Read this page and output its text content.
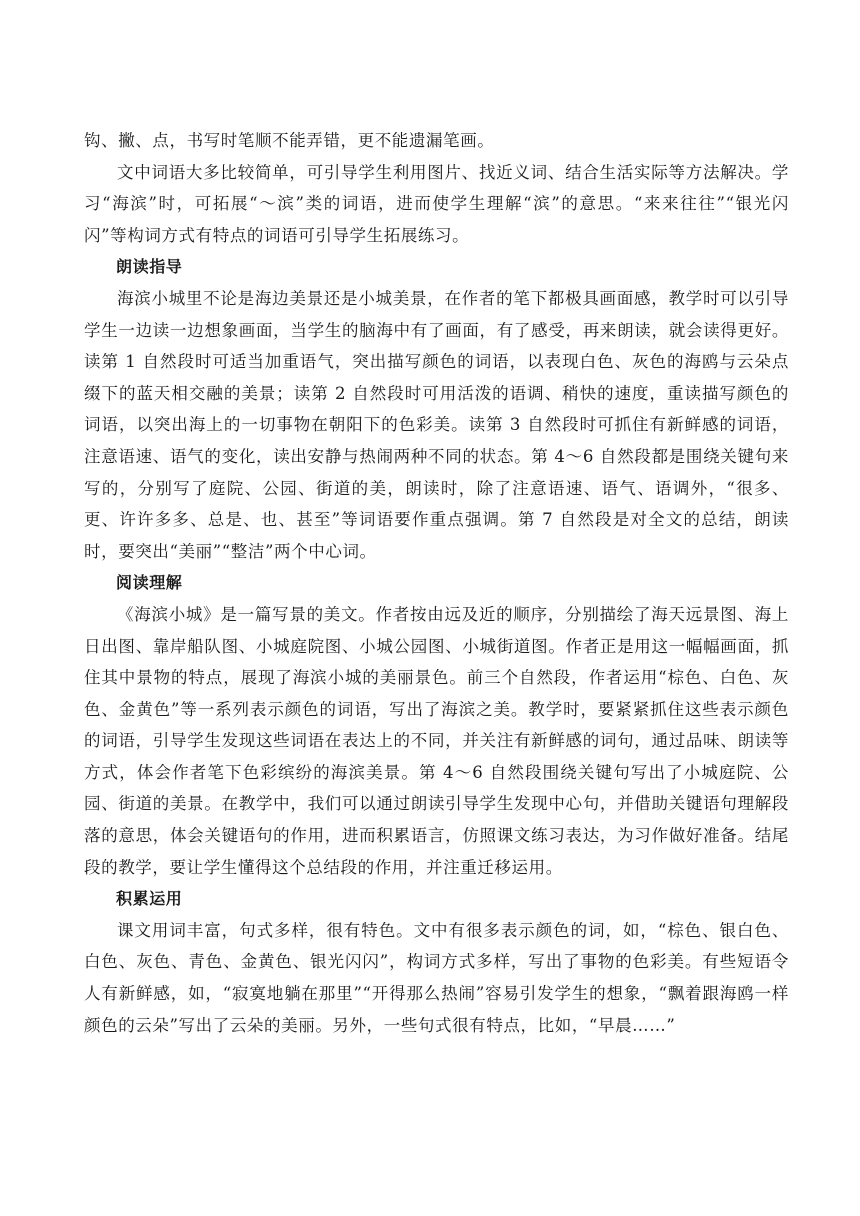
钩、撇、点，书写时笔顺不能弄错，更不能遗漏笔画。

文中词语大多比较简单，可引导学生利用图片、找近义词、结合生活实际等方法解决。学习“海滨”时，可拓展“～滨”类的词语，进而使学生理解“滨”的意思。“来来往往”“银光闪闪”等构词方式有特点的词语可引导学生拓展练习。

朗读指导

海滨小城里不论是海边美景还是小城美景，在作者的笔下都极具画面感，教学时可以引导学生一边读一边想象画面，当学生的脑海中有了画面，有了感受，再来朗读，就会读得更好。读第 1 自然段时可适当加重语气，突出描写颜色的词语，以表现白色、灰色的海鸥与云朵点缀下的蓝天相交融的美景；读第 2 自然段时可用活泼的语调、稍快的速度，重读描写颜色的词语，以突出海上的一切事物在朝阳下的色彩美。读第 3 自然段时可抓住有新鲜感的词语，注意语速、语气的变化，读出安静与热闹两种不同的状态。第 4～6 自然段都是围绕关键句来写的，分别写了庭院、公园、街道的美，朗读时，除了注意语速、语气、语调外，“很多、更、许许多多、总是、也、甚至”等词语要作重点强调。第 7 自然段是对全文的总结，朗读时，要突出“美丽”“整洁”两个中心词。

阅读理解

《海滨小城》是一篇写景的美文。作者按由远及近的顺序，分别描绘了海天远景图、海上日出图、靠岸船队图、小城庭院图、小城公园图、小城街道图。作者正是用这一幅幅画面，抓住其中景物的特点，展现了海滨小城的美丽景色。前三个自然段，作者运用“棕色、白色、灰色、金黄色”等一系列表示颜色的词语，写出了海滨之美。教学时，要紧紧抓住这些表示颜色的词语，引导学生发现这些词语在表达上的不同，并关注有新鲜感的词句，通过品味、朗读等方式，体会作者笔下色彩缤纷的海滨美景。第 4～6 自然段围绕关键句写出了小城庭院、公园、街道的美景。在教学中，我们可以通过朗读引导学生发现中心句，并借助关键语句理解段落的意思，体会关键语句的作用，进而积累语言，仿照课文练习表达，为习作做好准备。结尾段的教学，要让学生懂得这个总结段的作用，并注重迁移运用。

积累运用

课文用词丰富，句式多样，很有特色。文中有很多表示颜色的词，如，“棕色、银白色、白色、灰色、青色、金黄色、银光闪闪”，构词方式多样，写出了事物的色彩美。有些短语令人有新鲜感，如，“寂寞地躺在那里”“开得那么热闹”容易引发学生的想象，“飘着跟海鸥一样颜色的云朵”写出了云朵的美丽。另外，一些句式很有特点，比如，“早晨……”
